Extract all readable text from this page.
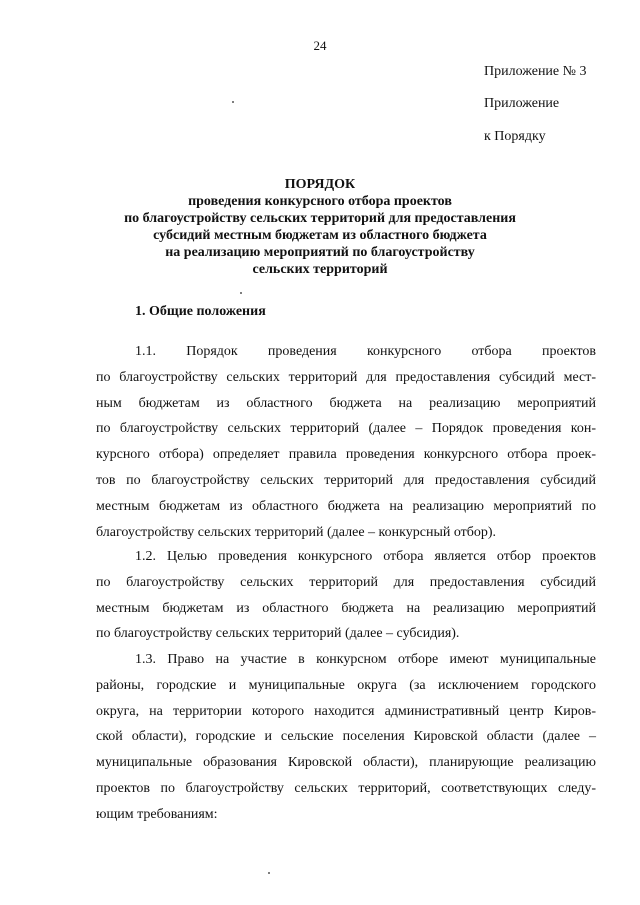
24
Приложение № 3
Приложение
к Порядку
ПОРЯДОК
проведения конкурсного отбора проектов
по благоустройству сельских территорий для предоставления
субсидий местным бюджетам из областного бюджета
на реализацию мероприятий по благоустройству
сельских территорий
1. Общие положения
1.1. Порядок проведения конкурсного отбора проектов
по благоустройству сельских территорий для предоставления субсидий мест-
ным бюджетам из областного бюджета на реализацию мероприятий
по благоустройству сельских территорий (далее – Порядок проведения кон-
курсного отбора) определяет правила проведения конкурсного отбора проек-
тов по благоустройству сельских территорий для предоставления субсидий
местным бюджетам из областного бюджета на реализацию мероприятий по
благоустройству сельских территорий (далее – конкурсный отбор).
1.2. Целью проведения конкурсного отбора является отбор проектов
по благоустройству сельских территорий для предоставления субсидий
местным бюджетам из областного бюджета на реализацию мероприятий
по благоустройству сельских территорий (далее – субсидия).
1.3. Право на участие в конкурсном отборе имеют муниципальные
районы, городские и муниципальные округа (за исключением городского
округа, на территории которого находится административный центр Киров-
ской области), городские и сельские поселения Кировской области (далее –
муниципальные образования Кировской области), планирующие реализацию
проектов по благоустройству сельских территорий, соответствующих следу-
ющим требованиям:
